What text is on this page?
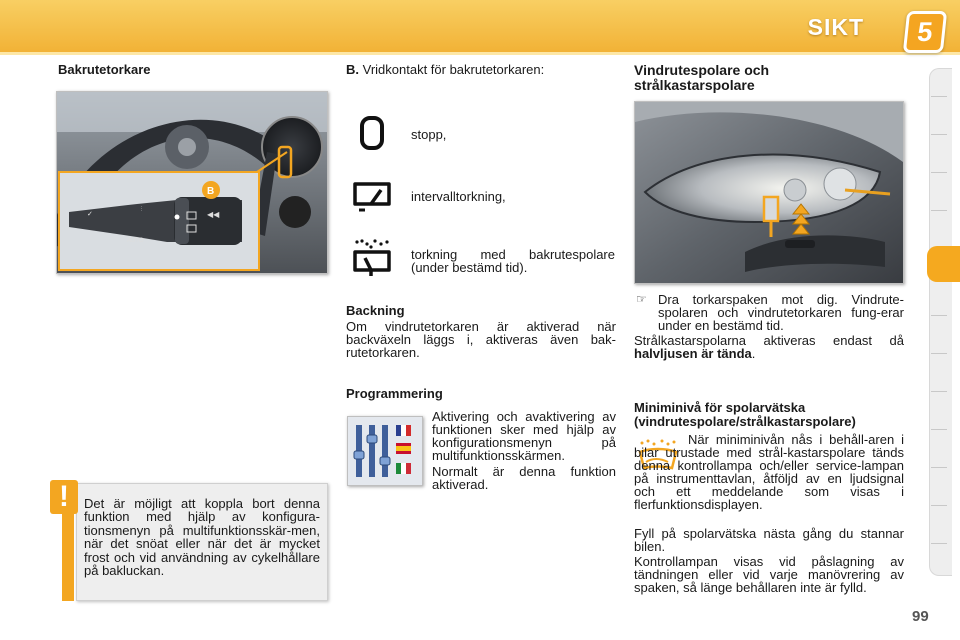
SIKT	5
Bakrutetorkare
✓
AUTO
⋮
◀◀
B
!	Det är möjligt att koppla bort denna funktion med hjälp av konfigura-tionsmenyn på multifunktionsskär-men, när det snöat eller när det är mycket frost och vid användning av cykelhållare på bakluckan.
B. Vridkontakt för bakrutetorkaren:
stopp,
intervalltorkning,
torkning med bakrutespolare (under bestämd tid).
Backning
Om vindrutetorkaren är aktiverad när backväxeln läggs i, aktiveras även bak-rutetorkaren.
Programmering
Aktivering och avaktivering av funktionen sker med hjälp av konfigurationsmenyn på multifunktionsskärmen.
Normalt är denna funktion aktiverad.
Vindrutespolare och strålkastarspolare
☞ Dra torkarspaken mot dig. Vindrute-spolaren och vindrutetorkaren fung-erar under en bestämd tid.
Strålkastarspolarna aktiveras endast då halvljusen är tända.
Miniminivå för spolarvätska (vindrutespolare/strålkastarspolare)
När miniminivån nås i behåll-aren i bilar utrustade med strål-kastarspolare tänds denna kontrollampa och/eller service-lampan på instrumenttavlan, åtföljd av en ljudsignal och ett meddelande som visas i flerfunktionsdisplayen.
Fyll på spolarvätska nästa gång du stannar bilen.
Kontrollampan visas vid påslagning av tändningen eller vid varje manövrering av spaken, så länge behållaren inte är fylld.
99
